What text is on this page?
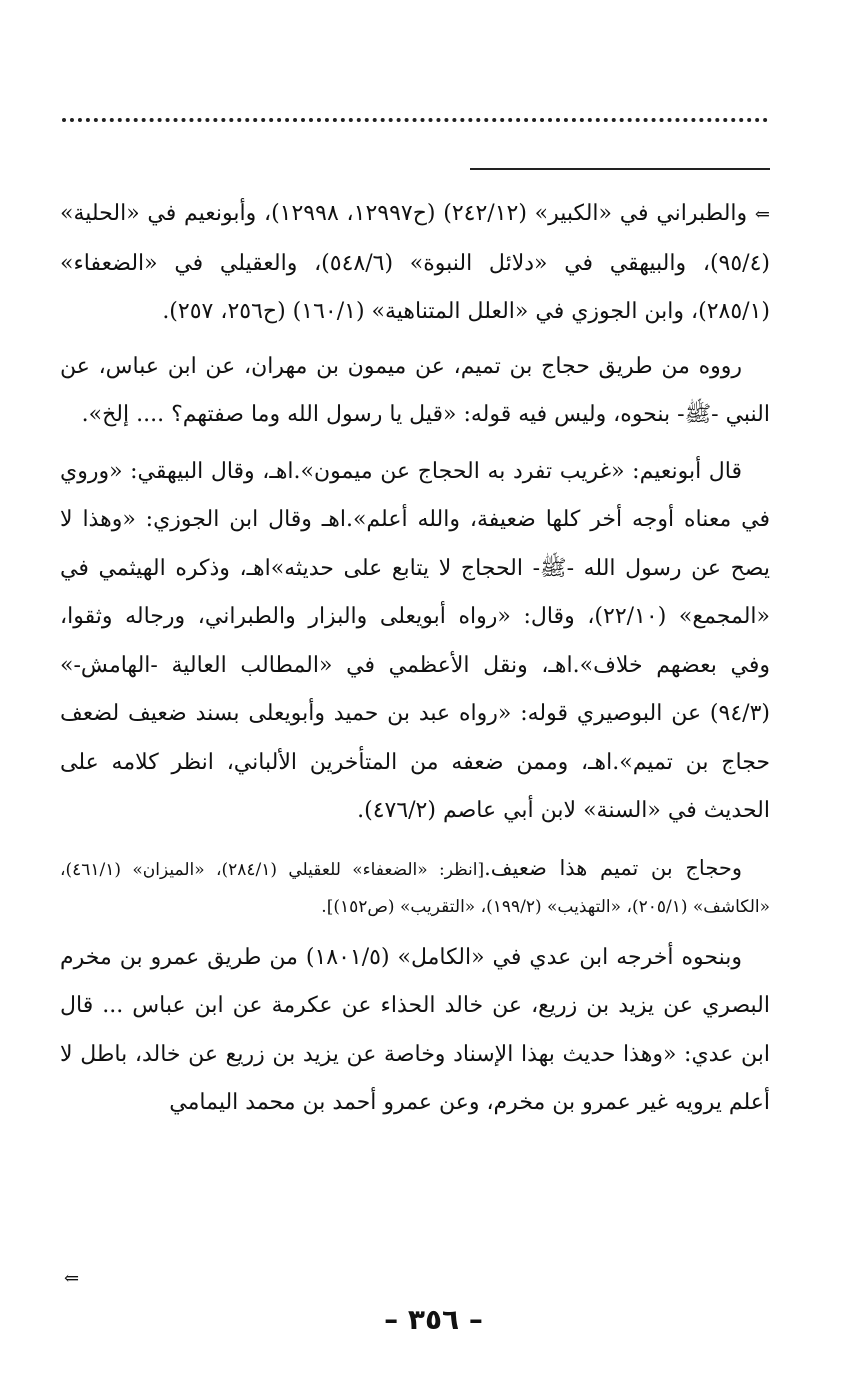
⇐ والطبراني في «الكبير» (٢٤٢/١٢) (ح١٢٩٩٧، ١٢٩٩٨)، وأبونعيم في «الحلية» (٩٥/٤)، والبيهقي في «دلائل النبوة» (٥٤٨/٦)، والعقيلي في «الضعفاء» (٢٨٥/١)، وابن الجوزي في «العلل المتناهية» (١٦٠/١) (ح٢٥٦، ٢٥٧).

رووه من طريق حجاج بن تميم، عن ميمون بن مهران، عن ابن عباس، عن النبي -ﷺ- بنحوه، وليس فيه قوله: «قيل يا رسول الله وما صفتهم؟ .... إلخ».

قال أبونعيم: «غريب تفرد به الحجاج عن ميمون».اهـ، وقال البيهقي: «وروي في معناه أوجه أخر كلها ضعيفة، والله أعلم».اهـ وقال ابن الجوزي: «وهذا لا يصح عن رسول الله -ﷺ- الحجاج لا يتابع على حديثه»اهـ، وذكره الهيثمي في «المجمع» (٢٢/١٠)، وقال: «رواه أبويعلى والبزار والطبراني، ورجاله وثقوا، وفي بعضهم خلاف».اهـ، ونقل الأعظمي في «المطالب العالية -الهامش-» (٩٤/٣) عن البوصيري قوله: «رواه عبد بن حميد وأبويعلى بسند ضعيف لضعف حجاج بن تميم».اهـ، وممن ضعفه من المتأخرين الألباني، انظر كلامه على الحديث في «السنة» لابن أبي عاصم (٤٧٦/٢).

وحجاج بن تميم هذا ضعيف.[انظر: «الضعفاء» للعقيلي (٢٨٤/١)، «الميزان» (٤٦١/١)، «الكاشف» (٢٠٥/١)، «التهذيب» (١٩٩/٢)، «التقريب» (ص١٥٢)].

وبنحوه أخرجه ابن عدي في «الكامل» (١٨٠١/٥) من طريق عمرو بن مخرم البصري عن يزيد بن زريع، عن خالد الحذاء عن عكرمة عن ابن عباس ... قال ابن عدي: «وهذا حديث بهذا الإسناد وخاصة عن يزيد بن زريع عن خالد، باطل لا أعلم يرويه غير عمرو بن مخرم، وعن عمرو أحمد بن محمد اليمامي

⇐
– ٣٥٦ –
